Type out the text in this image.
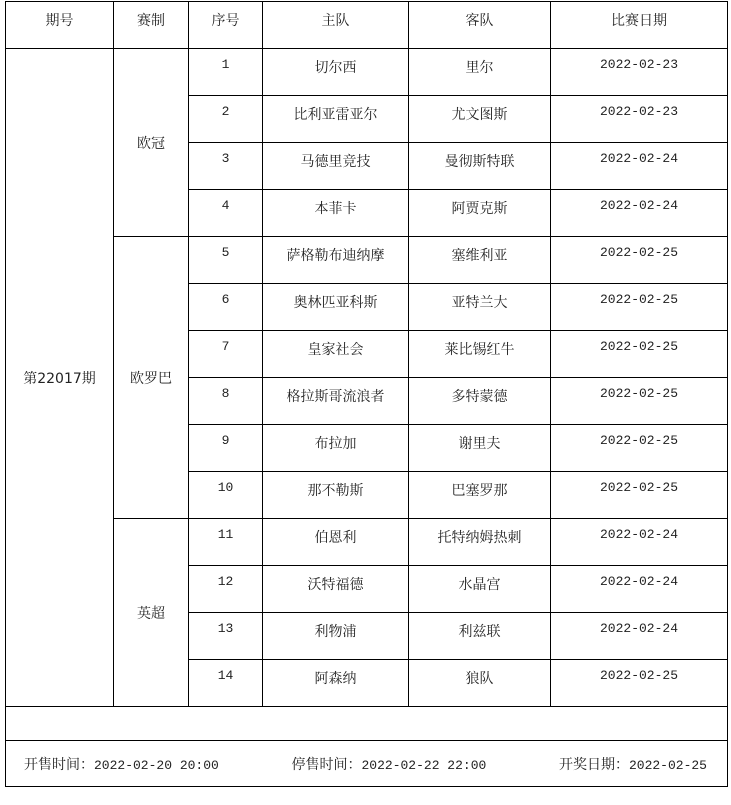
期号	赛制	序号	主队	客队	比赛日期
第22017期	欧冠	1	切尔西	里尔	2022-02-23
		2	比利亚雷亚尔	尤文图斯	2022-02-23
		3	马德里竞技	曼彻斯特联	2022-02-24
		4	本菲卡	阿贾克斯	2022-02-24
	欧罗巴	5	萨格勒布迪纳摩	塞维利亚	2022-02-25
		6	奥林匹亚科斯	亚特兰大	2022-02-25
		7	皇家社会	莱比锡红牛	2022-02-25
		8	格拉斯哥流浪者	多特蒙德	2022-02-25
		9	布拉加	谢里夫	2022-02-25
		10	那不勒斯	巴塞罗那	2022-02-25
	英超	11	伯恩利	托特纳姆热刺	2022-02-24
		12	沃特福德	水晶宫	2022-02-24
		13	利物浦	利兹联	2022-02-24
		14	阿森纳	狼队	2022-02-25

开售时间：2022-02-20 20:00 停售时间：2022-02-22 22:00 开奖日期：2022-02-25					
